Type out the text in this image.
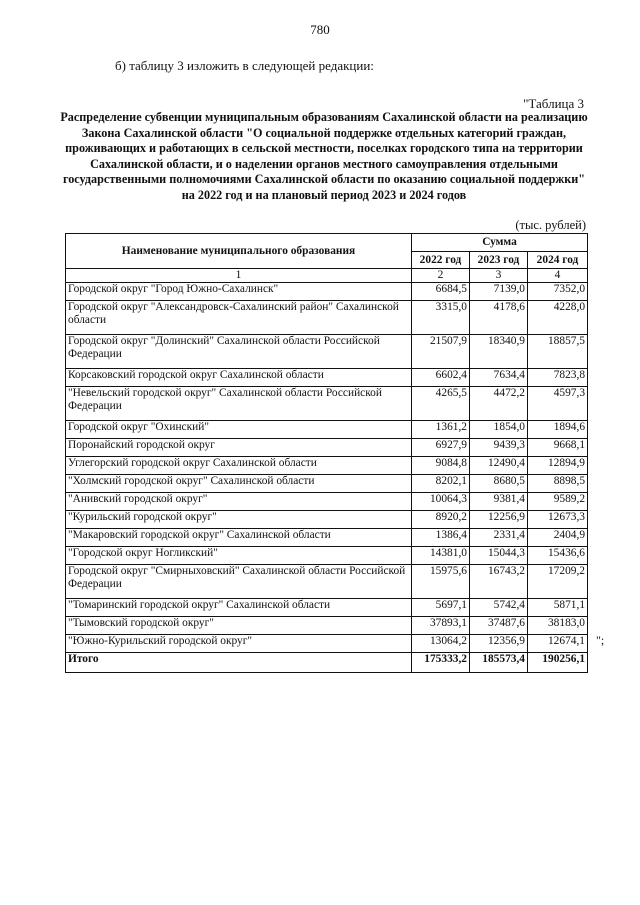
780
б) таблицу 3 изложить в следующей редакции:
"Таблица 3
Распределение субвенции муниципальным образованиям Сахалинской области на реализацию Закона Сахалинской области "О социальной поддержке отдельных категорий граждан, проживающих и работающих в сельской местности, поселках городского типа на территории Сахалинской области, и о наделении органов местного самоуправления отдельными государственными полномочиями Сахалинской области по оказанию социальной поддержки" на 2022 год и на плановый период 2023 и 2024 годов
(тыс. рублей)
Наименование муниципального образования	Сумма		
	2022 год	2023 год	2024 год
1	2	3	4
Городской округ "Город Южно-Сахалинск"	6684,5	7139,0	7352,0
Городской округ "Александровск-Сахалинский район" Сахалинской области	3315,0	4178,6	4228,0
Городской округ "Долинский" Сахалинской области Российской Федерации	21507,9	18340,9	18857,5
Корсаковский городской округ Сахалинской области	6602,4	7634,4	7823,8
"Невельский городской округ" Сахалинской области Российской Федерации	4265,5	4472,2	4597,3
Городской округ "Охинский"	1361,2	1854,0	1894,6
Поронайский городской округ	6927,9	9439,3	9668,1
Углегорский городской округ Сахалинской области	9084,8	12490,4	12894,9
"Холмский городской округ" Сахалинской области	8202,1	8680,5	8898,5
"Анивский городской округ"	10064,3	9381,4	9589,2
"Курильский городской округ"	8920,2	12256,9	12673,3
"Макаровский городской округ" Сахалинской области	1386,4	2331,4	2404,9
"Городской округ Ногликский"	14381,0	15044,3	15436,6
Городской округ "Смирныховский" Сахалинской области Российской Федерации	15975,6	16743,2	17209,2
"Томаринский городской округ" Сахалинской области	5697,1	5742,4	5871,1
"Тымовский городской округ"	37893,1	37487,6	38183,0
"Южно-Курильский городской округ"	13064,2	12356,9	12674,1
Итого	175333,2	185573,4	190256,1
";
